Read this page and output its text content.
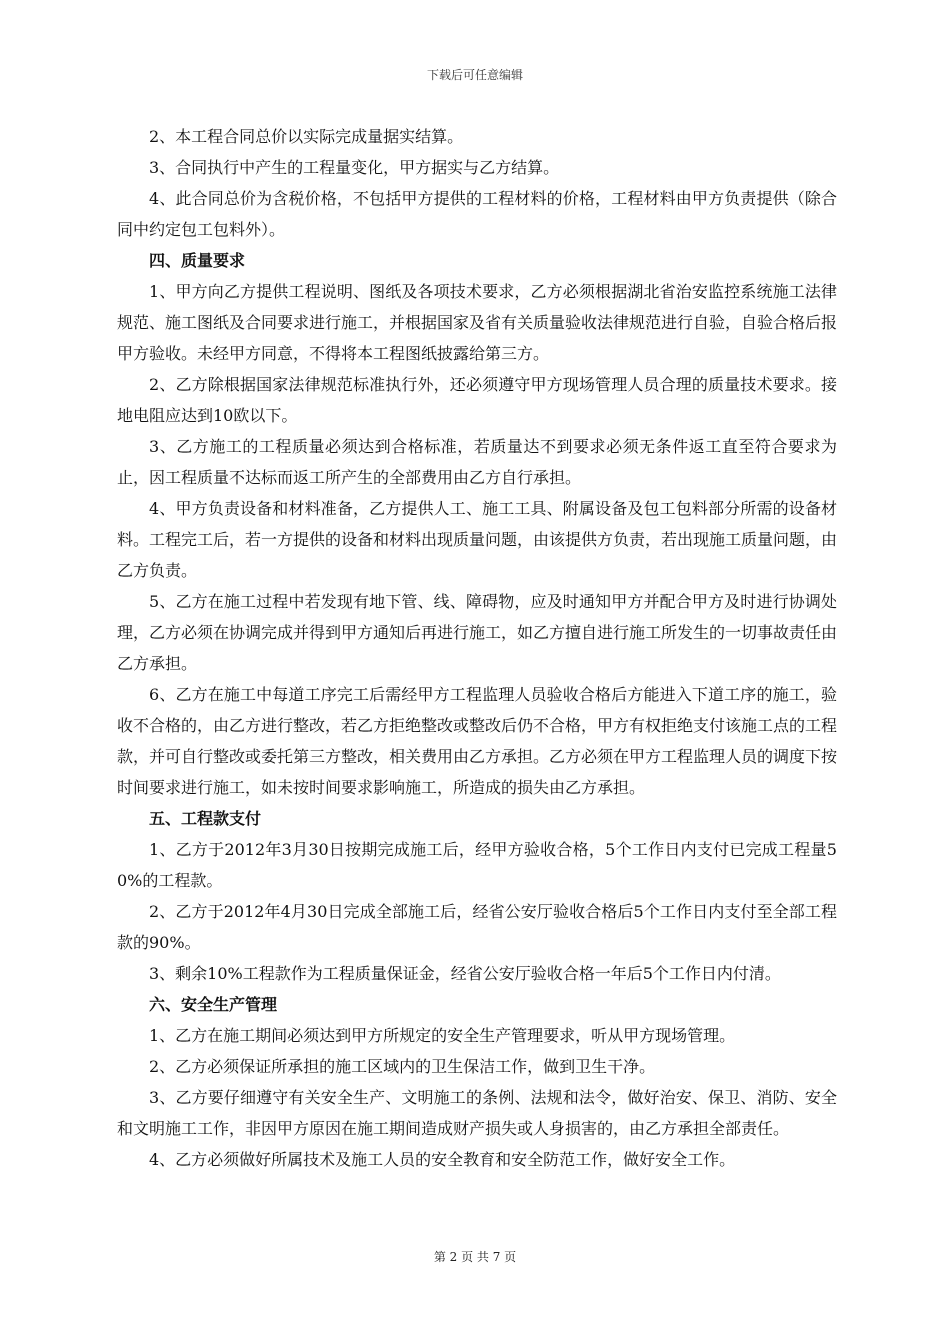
下载后可任意编辑

2、本工程合同总价以实际完成量据实结算。

3、合同执行中产生的工程量变化，甲方据实与乙方结算。

4、此合同总价为含税价格，不包括甲方提供的工程材料的价格，工程材料由甲方负责提供（除合同中约定包工包料外）。

四、质量要求

1、甲方向乙方提供工程说明、图纸及各项技术要求，乙方必须根据湖北省治安监控系统施工法律规范、施工图纸及合同要求进行施工，并根据国家及省有关质量验收法律规范进行自验，自验合格后报甲方验收。未经甲方同意，不得将本工程图纸披露给第三方。

2、乙方除根据国家法律规范标准执行外，还必须遵守甲方现场管理人员合理的质量技术要求。接地电阻应达到10欧以下。

3、乙方施工的工程质量必须达到合格标准，若质量达不到要求必须无条件返工直至符合要求为止，因工程质量不达标而返工所产生的全部费用由乙方自行承担。

4、甲方负责设备和材料准备，乙方提供人工、施工工具、附属设备及包工包料部分所需的设备材料。工程完工后，若一方提供的设备和材料出现质量问题，由该提供方负责，若出现施工质量问题，由乙方负责。

5、乙方在施工过程中若发现有地下管、线、障碍物，应及时通知甲方并配合甲方及时进行协调处理，乙方必须在协调完成并得到甲方通知后再进行施工，如乙方擅自进行施工所发生的一切事故责任由乙方承担。

6、乙方在施工中每道工序完工后需经甲方工程监理人员验收合格后方能进入下道工序的施工，验收不合格的，由乙方进行整改，若乙方拒绝整改或整改后仍不合格，甲方有权拒绝支付该施工点的工程款，并可自行整改或委托第三方整改，相关费用由乙方承担。乙方必须在甲方工程监理人员的调度下按时间要求进行施工，如未按时间要求影响施工，所造成的损失由乙方承担。

五、工程款支付

1、乙方于2012年3月30日按期完成施工后，经甲方验收合格，5个工作日内支付已完成工程量50%的工程款。

2、乙方于2012年4月30日完成全部施工后，经省公安厅验收合格后5个工作日内支付至全部工程款的90%。

3、剩余10%工程款作为工程质量保证金，经省公安厅验收合格一年后5个工作日内付清。

六、安全生产管理

1、乙方在施工期间必须达到甲方所规定的安全生产管理要求，听从甲方现场管理。

2、乙方必须保证所承担的施工区域内的卫生保洁工作，做到卫生干净。

3、乙方要仔细遵守有关安全生产、文明施工的条例、法规和法令，做好治安、保卫、消防、安全和文明施工工作，非因甲方原因在施工期间造成财产损失或人身损害的，由乙方承担全部责任。

4、乙方必须做好所属技术及施工人员的安全教育和安全防范工作，做好安全工作。

第 2 页 共 7 页
